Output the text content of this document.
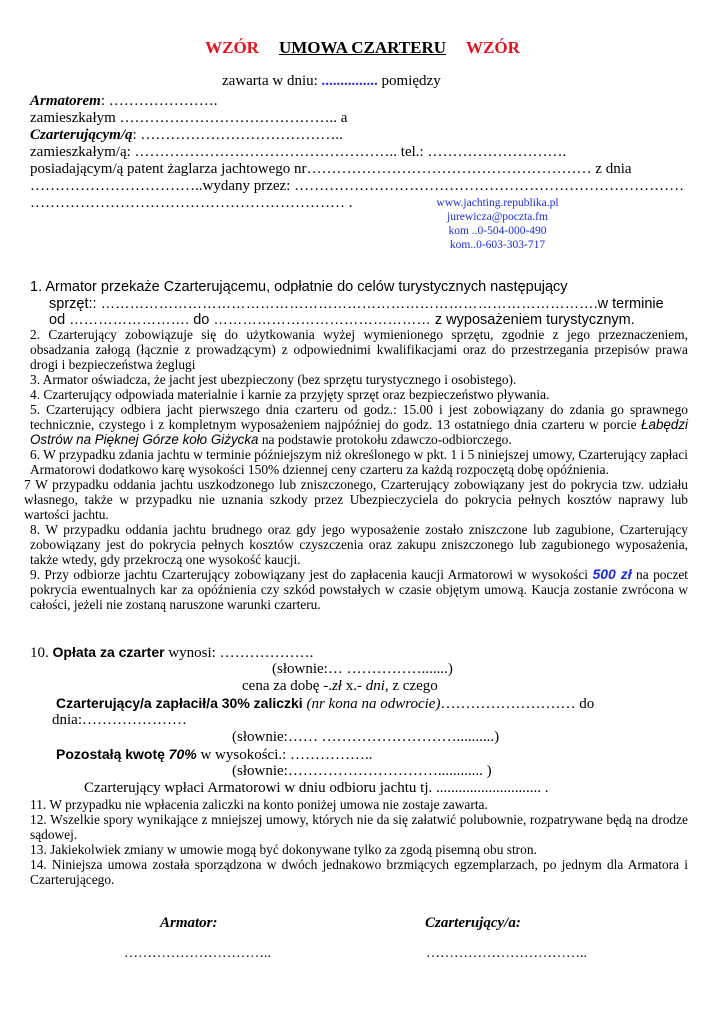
WZÓR UMOWA CZARTERU WZÓR
zawarta w dniu: ............... pomiędzy
Armatorem: ………………….
zamieszkałym …………………………………….. a
Czarterującym/ą: …………………………………..
zamieszkałym/ą: …………………………………………….. tel.: ……………………….
posiadającym/ą patent żaglarza jachtowego nr………………………………………………… z dnia
……………………………..wydany przez: ……………………………………………………………………
……………………………………………………… .	www.jachting.republika.pl
jurewicza@poczta.fm
kom ..0-504-000-490
kom..0-603-303-717
1. Armator przekaże Czarterującemu, odpłatnie do celów turystycznych następujący
sprzęt:: ………………………………………………………………………………………….w terminie
od ……………………. do ……………………………………… z wyposażeniem turystycznym.
2. Czarterujący zobowiązuje się do użytkowania wyżej wymienionego sprzętu, zgodnie z jego przeznaczeniem, obsadzania załogą (łącznie z prowadzącym) z odpowiednimi kwalifikacjami oraz do przestrzegania przepisów prawa drogi i bezpieczeństwa żeglugi
3. Armator oświadcza, że jacht jest ubezpieczony (bez sprzętu turystycznego i osobistego).
4. Czarterujący odpowiada materialnie i karnie za przyjęty sprzęt oraz bezpieczeństwo pływania.
5. Czarterujący odbiera jacht pierwszego dnia czarteru od godz.: 15.00 i jest zobowiązany do zdania go sprawnego technicznie, czystego i z kompletnym wyposażeniem najpóźniej do godz. 13 ostatniego dnia czarteru w porcie Łabędzi Ostrów na Pięknej Górze koło Giżycka na podstawie protokołu zdawczo-odbiorczego.
6. W przypadku zdania jachtu w terminie późniejszym niż określonego w pkt. 1 i 5 niniejszej umowy, Czarterujący zapłaci Armatorowi dodatkowo karę wysokości 150% dziennej ceny czarteru za każdą rozpoczętą dobę opóźnienia.
7 W przypadku oddania jachtu uszkodzonego lub zniszczonego, Czarterujący zobowiązany jest do pokrycia tzw. udziału własnego, także w przypadku nie uznania szkody przez Ubezpieczyciela do pokrycia pełnych kosztów naprawy lub wartości jachtu.
8. W przypadku oddania jachtu brudnego oraz gdy jego wyposażenie zostało zniszczone lub zagubione, Czarterujący zobowiązany jest do pokrycia pełnych kosztów czyszczenia oraz zakupu zniszczonego lub zagubionego wyposażenia, także wtedy, gdy przekroczą one wysokość kaucji.
9. Przy odbiorze jachtu Czarterujący zobowiązany jest do zapłacenia kaucji Armatorowi w wysokości 500 zł na poczet pokrycia ewentualnych kar za opóźnienia czy szkód powstałych w czasie objętym umową. Kaucja zostanie zwrócona w całości, jeżeli nie zostaną naruszone warunki czarteru.
10. Opłata za czarter wynosi: ……………….
(słownie:… …………….......)
cena za dobę -.zł x.- dni, z czego
Czarterujący/a zapłacił/a 30% zaliczki (nr kona na odwrocie)……………………… do
dnia:…………………
(słownie:…… ………………………..........)
Pozostałą kwotę 70% w wysokości.: ……………..
(słownie:…………………………............ )
Czarterujący wpłaci Armatorowi w dniu odbioru jachtu tj. ............................ .
11. W przypadku nie wpłacenia zaliczki na konto poniżej umowa nie zostaje zawarta.
12. Wszelkie spory wynikające z mniejszej umowy, których nie da się załatwić polubownie, rozpatrywane będą na drodze sądowej.
13. Jakiekolwiek zmiany w umowie mogą być dokonywane tylko za zgodą pisemną obu stron.
14. Niniejsza umowa została sporządzona w dwóch jednakowo brzmiących egzemplarzach, po jednym dla Armatora i Czarterującego.
Armator:	Czarterujący/a:
…………………………..	……………………………..
